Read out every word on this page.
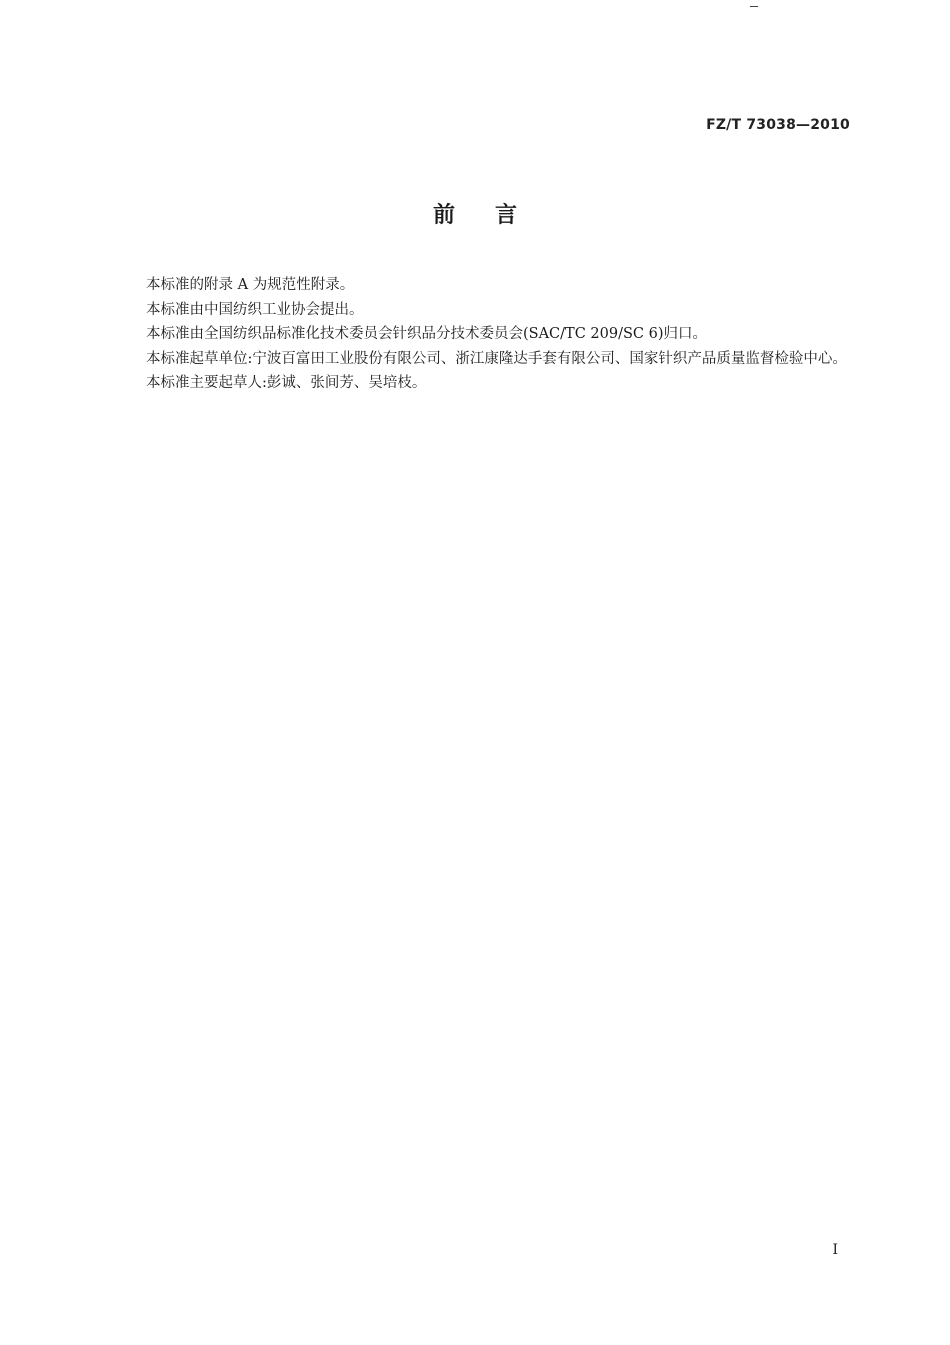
FZ/T 73038—2010
前言

本标准的附录 A 为规范性附录。

本标准由中国纺织工业协会提出。

本标准由全国纺织品标准化技术委员会针织品分技术委员会(SAC/TC 209/SC 6)归口。

本标准起草单位:宁波百富田工业股份有限公司、浙江康隆达手套有限公司、国家针织产品质量监督检验中心。

本标准主要起草人:彭诚、张间芳、吴培枝。

I
